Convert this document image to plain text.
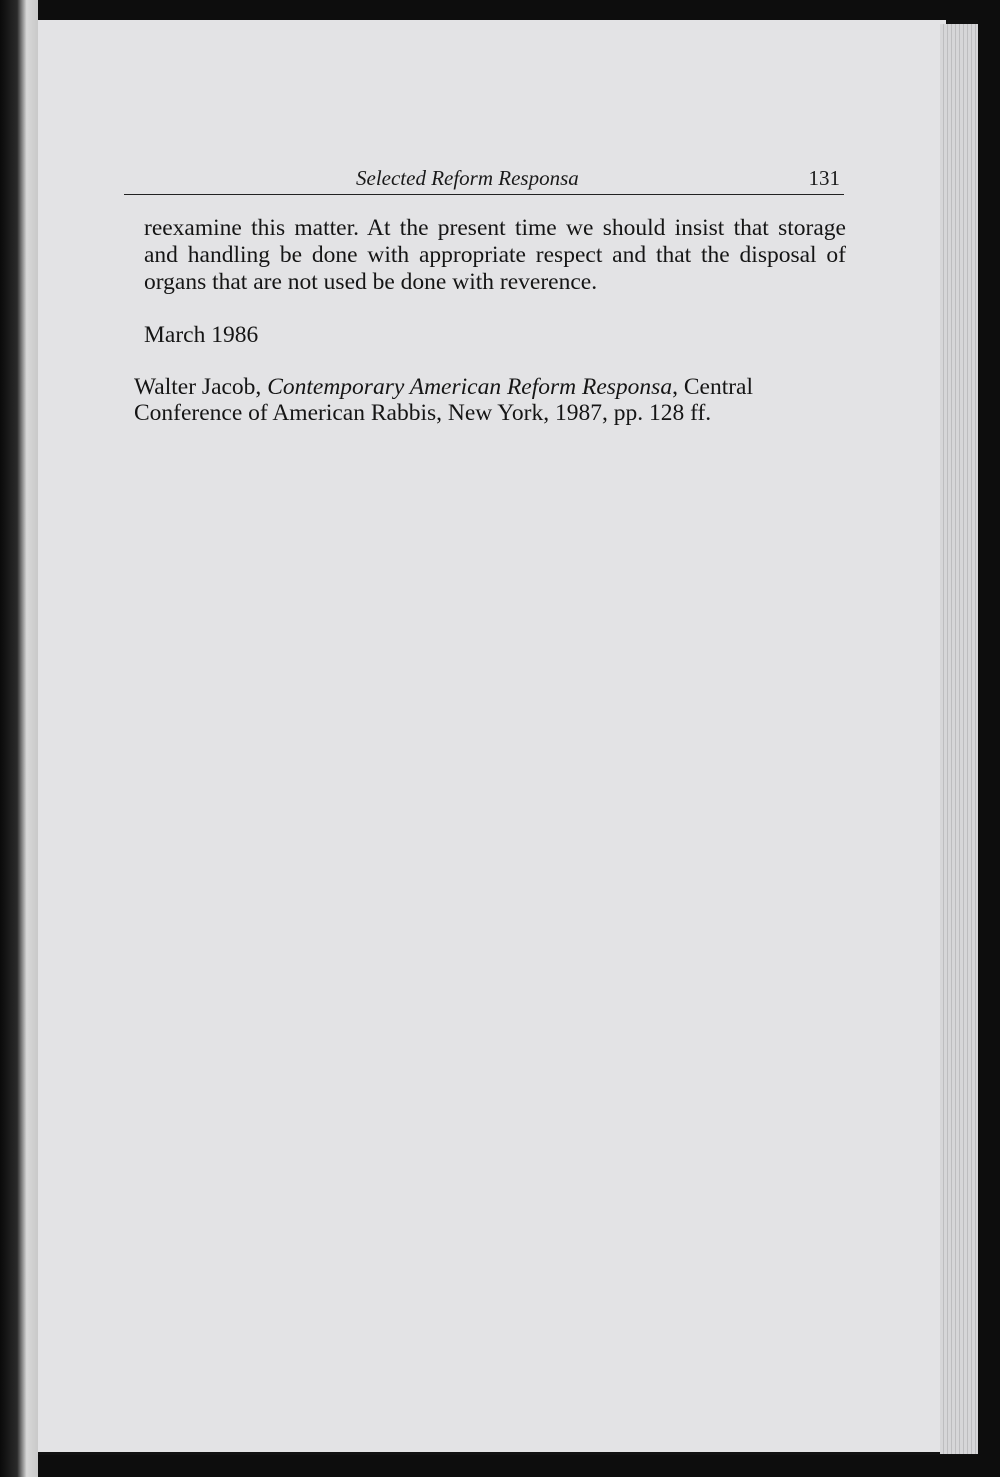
Selected Reform Responsa	131
reexamine this matter. At the present time we should insist that storage and handling be done with appropriate respect and that the disposal of organs that are not used be done with reverence.
March 1986
Walter Jacob, Contemporary American Reform Responsa, Central Conference of American Rabbis, New York, 1987, pp. 128 ff.
